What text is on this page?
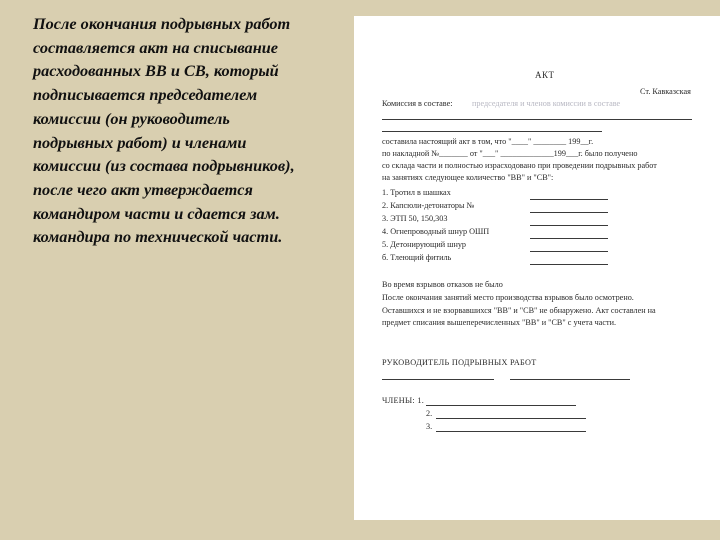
После окончания подрывных работ
составляется акт на списывание
расходованных ВВ и СВ, который
подписывается председателем
комиссии (он руководитель
подрывных работ) и членами
комиссии (из состава подрывников),
после чего акт утверждается
командиром части и сдается зам.
командира по технической части.
АКТ
Ст. Кавказская
Комиссия в составе: председателя и членов комиссии в составе
составила настоящий акт в том, что "____" ________ 199__г.
по накладной №_______ от "___" _____________199___г. было получено
со склада части и полностью израсходовано при проведении подрывных работ
на занятиях следующее количество "ВВ" и "СВ":
1. Тротил в шашках
2. Капсюли-детонаторы №
3. ЭТП 50, 150,303
4. Огнепроводный шнур ОШП
5. Детонирующий шнур
б. Тлеющий фитиль
Во время взрывов отказов не было
После окончания занятий место производства взрывов было осмотрено.
Оставшихся и не взорвавшихся "ВВ" и "СВ" не обнаружено. Акт составлен на
предмет списания вышеперечисленных "ВВ" и "СВ" с учета части.
РУКОВОДИТЕЛЬ ПОДРЫВНЫХ РАБОТ
ЧЛЕНЫ: 1.
2.
3.
